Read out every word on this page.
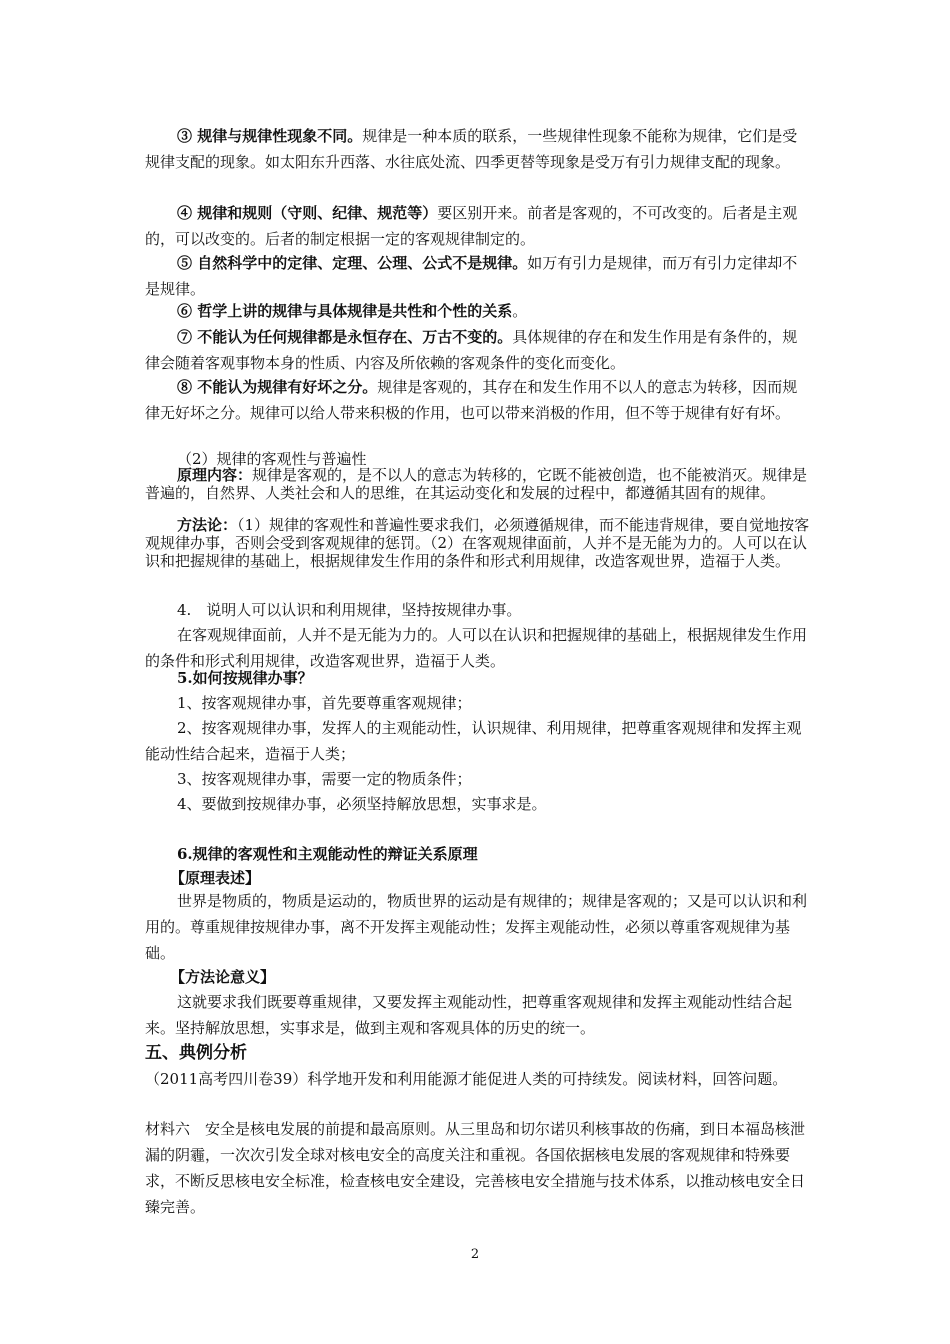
③ 规律与规律性现象不同。规律是一种本质的联系，一些规律性现象不能称为规律，它们是受规律支配的现象。如太阳东升西落、水往底处流、四季更替等现象是受万有引力规律支配的现象。

④ 规律和规则（守则、纪律、规范等）要区别开来。前者是客观的，不可改变的。后者是主观的，可以改变的。后者的制定根据一定的客观规律制定的。

⑤ 自然科学中的定律、定理、公理、公式不是规律。如万有引力是规律，而万有引力定律却不是规律。

⑥ 哲学上讲的规律与具体规律是共性和个性的关系。

⑦ 不能认为任何规律都是永恒存在、万古不变的。具体规律的存在和发生作用是有条件的，规律会随着客观事物本身的性质、内容及所依赖的客观条件的变化而变化。

⑧ 不能认为规律有好坏之分。规律是客观的，其存在和发生作用不以人的意志为转移，因而规律无好坏之分。规律可以给人带来积极的作用，也可以带来消极的作用，但不等于规律有好有坏。

（2）规律的客观性与普遍性

原理内容：规律是客观的，是不以人的意志为转移的，它既不能被创造，也不能被消灭。规律是普遍的，自然界、人类社会和人的思维，在其运动变化和发展的过程中，都遵循其固有的规律。

方法论：（1）规律的客观性和普遍性要求我们，必须遵循规律，而不能违背规律，要自觉地按客观规律办事，否则会受到客观规律的惩罚。（2）在客观规律面前，人并不是无能为力的。人可以在认识和把握规律的基础上，根据规律发生作用的条件和形式利用规律，改造客观世界，造福于人类。

4.　说明人可以认识和利用规律，坚持按规律办事。

在客观规律面前，人并不是无能为力的。人可以在认识和把握规律的基础上，根据规律发生作用的条件和形式利用规律，改造客观世界，造福于人类。

5.如何按规律办事？

1、按客观规律办事，首先要尊重客观规律；

2、按客观规律办事，发挥人的主观能动性，认识规律、利用规律，把尊重客观规律和发挥主观能动性结合起来，造福于人类；

3、按客观规律办事，需要一定的物质条件；

4、要做到按规律办事，必须坚持解放思想，实事求是。

6.规律的客观性和主观能动性的辩证关系原理

【原理表述】

世界是物质的，物质是运动的，物质世界的运动是有规律的；规律是客观的；又是可以认识和利用的。尊重规律按规律办事，离不开发挥主观能动性；发挥主观能动性，必须以尊重客观规律为基础。

【方法论意义】

这就要求我们既要尊重规律，又要发挥主观能动性，把尊重客观规律和发挥主观能动性结合起来。坚持解放思想，实事求是，做到主观和客观具体的历史的统一。

五、典例分析

（2011高考四川卷39）科学地开发和利用能源才能促进人类的可持续发。阅读材料，回答问题。

材料六　安全是核电发展的前提和最高原则。从三里岛和切尔诺贝利核事故的伤痛，到日本福岛核泄漏的阴霾，一次次引发全球对核电安全的高度关注和重视。各国依据核电发展的客观规律和特殊要求，不断反思核电安全标准，检查核电安全建设，完善核电安全措施与技术体系，以推动核电安全日臻完善。

2
